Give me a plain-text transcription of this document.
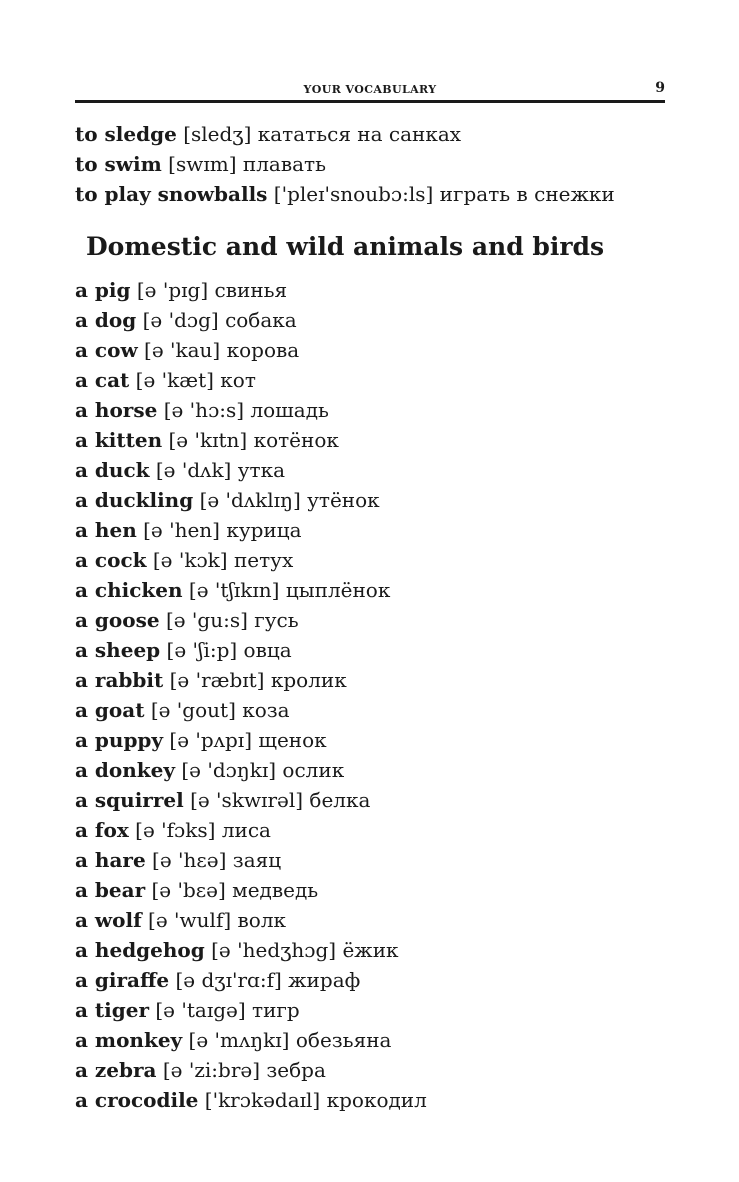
YOUR VOCABULARY	9
to sledge [sledʒ] кататься на санках
to swim [swɪm] плавать
to play snowballs ['pleɪ'snoubɔ:ls] играть в снежки
Domestic and wild animals and birds
a pig [ə 'pɪg] свинья
a dog [ə 'dɔg] собака
a cow [ə 'kau] корова
a cat [ə 'kæt] кот
a horse [ə 'hɔ:s] лошадь
a kitten [ə 'kɪtn] котёнок
a duck [ə 'dʌk] утка
a duckling [ə 'dʌklɪŋ] утёнок
a hen [ə 'hen] курица
a cock [ə 'kɔk] петух
a chicken [ə 'tʃɪkɪn] цыплёнок
a goose [ə 'gu:s] гусь
a sheep [ə 'ʃi:p] овца
a rabbit [ə 'ræbɪt] кролик
a goat [ə 'gout] коза
a puppy [ə 'pʌpɪ] щенок
a donkey [ə 'dɔŋkɪ] ослик
a squirrel [ə 'skwɪrəl] белка
a fox [ə 'fɔks] лиса
a hare [ə 'hɛə] заяц
a bear [ə 'bɛə] медведь
a wolf [ə 'wulf] волк
a hedgehog [ə 'hedʒhɔg] ёжик
a giraffe [ə dʒɪ'rɑ:f] жираф
a tiger [ə 'taɪgə] тигр
a monkey [ə 'mʌŋkɪ] обезьяна
a zebra [ə 'zi:brə] зебра
a crocodile ['krɔkədaɪl] крокодил
